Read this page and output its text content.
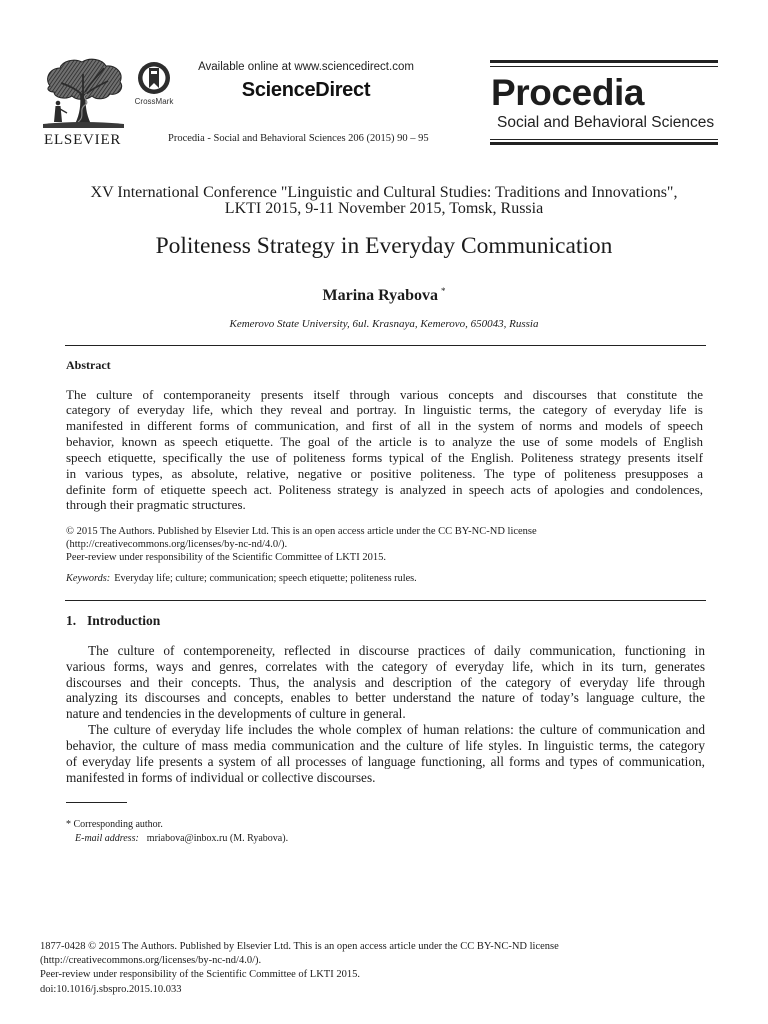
ELSEVIER
CrossMark
Available online at www.sciencedirect.com
ScienceDirect
Procedia - Social and Behavioral Sciences 206 (2015) 90 – 95
Procedia
Social and Behavioral Sciences
XV International Conference "Linguistic and Cultural Studies: Traditions and Innovations",
LKTI 2015, 9-11 November 2015, Tomsk, Russia
Politeness Strategy in Everyday Communication
Marina Ryabova *
Kemerovo State University, 6ul. Krasnaya, Kemerovo, 650043, Russia
Abstract
The culture of contemporaneity presents itself through various concepts and discourses that constitute the
category of everyday life, which they reveal and portray. In linguistic terms, the category of everyday life is
manifested in different forms of communication, and first of all in the system of norms and models of speech
behavior, known as speech etiquette. The goal of the article is to analyze the use of some models of English
speech etiquette, specifically the use of politeness forms typical of the English. Politeness strategy presents itself
in various types, as absolute, relative, negative or positive politeness. The type of politeness presupposes a
definite form of etiquette speech act. Politeness strategy is analyzed in speech acts of apologies and condolences,
through their pragmatic structures.
© 2015 The Authors. Published by Elsevier Ltd. This is an open access article under the CC BY-NC-ND license
(http://creativecommons.org/licenses/by-nc-nd/4.0/).
Peer-review under responsibility of the Scientific Committee of LKTI 2015.
Keywords: Everyday life; culture; communication; speech etiquette; politeness rules.
1. Introduction
The culture of contemporeneity, reflected in discourse practices of daily communication, functioning in
various forms, ways and genres, correlates with the category of everyday life, which in its turn, generates
discourses and their concepts. Thus, the analysis and description of the category of everyday life through
analyzing its discourses and concepts, enables to better understand the nature of today’s language culture, the
nature and tendencies in the developments of culture in general.
The culture of everyday life includes the whole complex of human relations: the culture of communication and
behavior, the culture of mass media communication and the culture of life styles. In linguistic terms, the category
of everyday life presents a system of all processes of language functioning, all forms and types of communication,
manifested in forms of individual or collective discourses.
* Corresponding author.
E-mail address: mriabova@inbox.ru (M. Ryabova).
1877-0428 © 2015 The Authors. Published by Elsevier Ltd. This is an open access article under the CC BY-NC-ND license
(http://creativecommons.org/licenses/by-nc-nd/4.0/).
Peer-review under responsibility of the Scientific Committee of LKTI 2015.
doi:10.1016/j.sbspro.2015.10.033
